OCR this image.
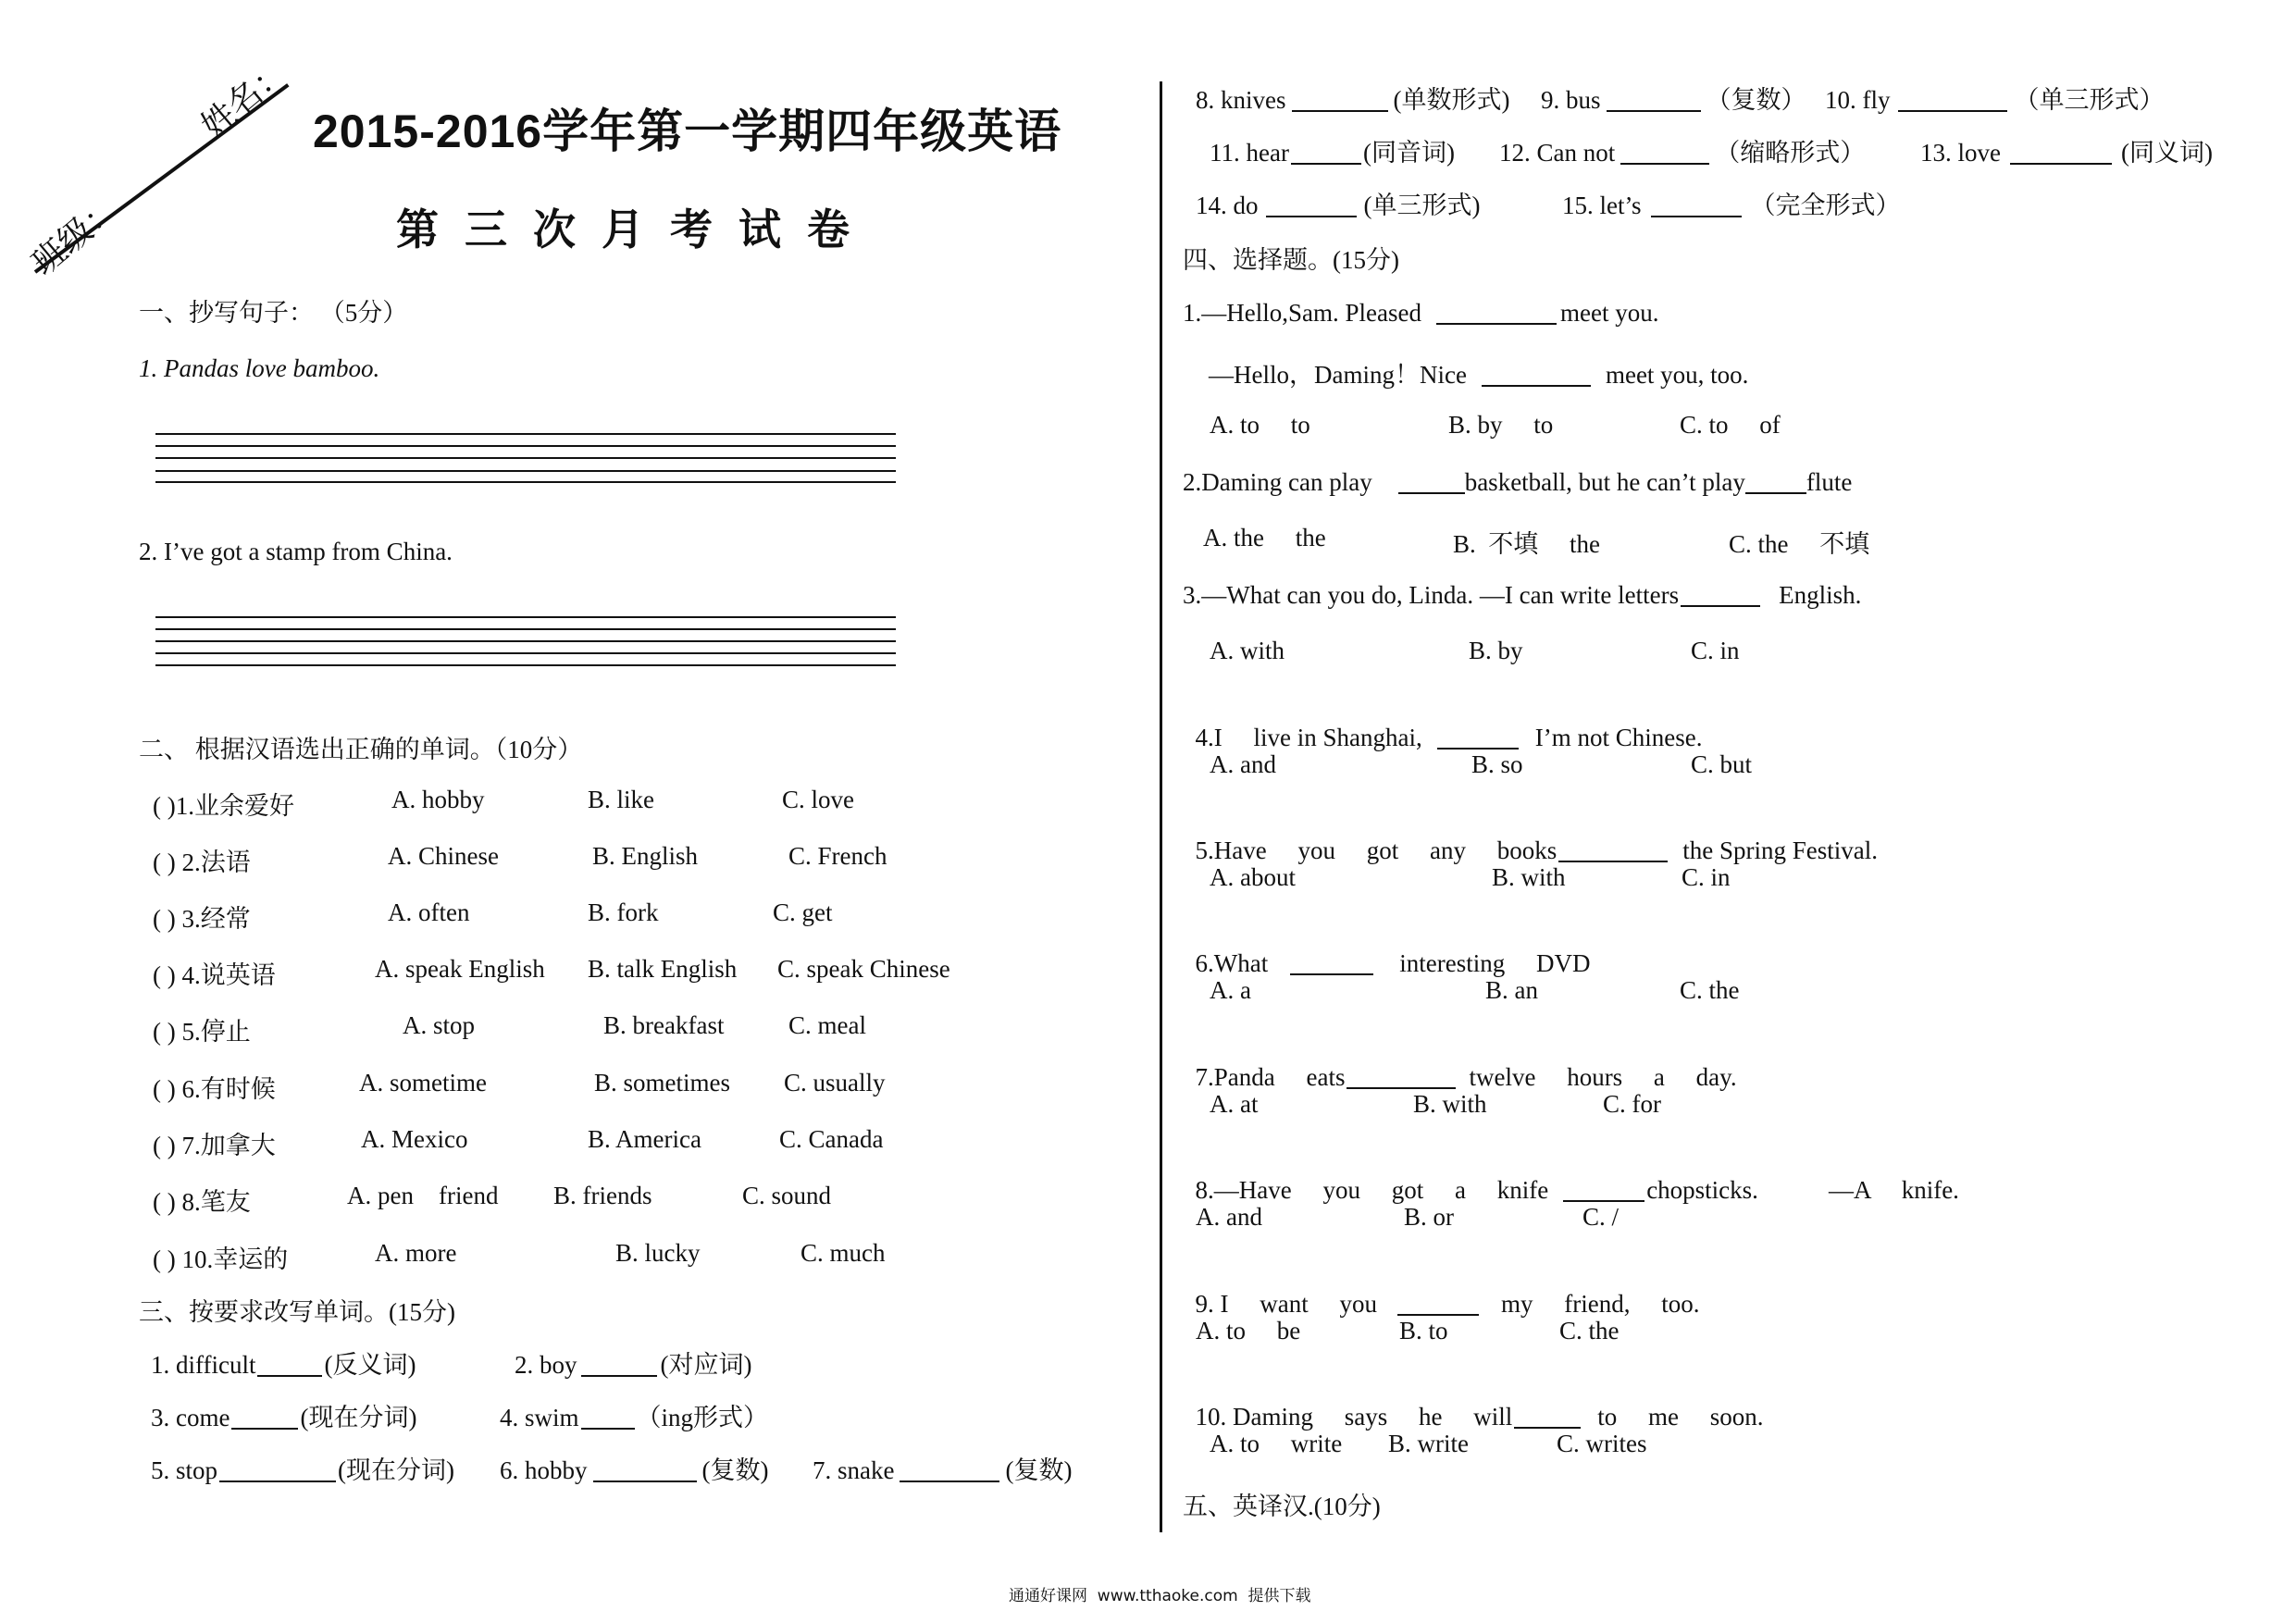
班级：
姓名： 2015-2016学年第一学期四年级英语
第三次月考试卷
一、抄写句子： （5分）
1. Pandas love bamboo.
2. I’ve got a stamp from China.
二、 根据汉语选出正确的单词。（10分）
( )1.业余爱好	A. hobby	B. like	C. love
( ) 2.法语	A. Chinese	B. English	C. French
( ) 3.经常	A. often	B. fork	C. get
( ) 4.说英语	A. speak English B. talk English C. speak Chinese
( ) 5.停止	A. stop	B. breakfast	C. meal
( ) 6.有时候	A. sometime	B. sometimes C. usually
( ) 7.加拿大	A. Mexico	B. America	C. Canada
( ) 8.笔友	A. pen    friend B. friends	C. sound
( ) 10.幸运的	A. more	B. lucky	C. much
三、按要求改写单词。(15分)
1. difficult	(反义词)	2. boy	(对应词)
3. come	(现在分词)	4. swim （ing形式）
5. stop	(现在分词) 6. hobby	(复数) 7. snake	(复数)
8. knives	(单数形式) 9. bus	（复数） 10. fly	（单三形式）
11. hear	(同音词) 12. Can not	（缩略形式） 13. love	(同义词)
14. do	(单三形式)	15. let’s	（完全形式）
四、选择题。(15分)
1.—Hello,Sam. Pleased	meet you.
—Hello，Daming！Nice	meet you, too.
A. to     to	B. by     to	C. to     of
2.Daming can play	basketball, but he can’t play flute
A. the     the	B.  不填     the	C. the     不填
3.—What can you do, Linda. —I can write letters	English.
A. with	B. by	C. in

4.I     live in Shanghai,	I’m not Chinese.

A. and	B. so	C. but

5.Have     you     got     any     books	the Spring Festival.

A. about	B. with	C. in

6.What	interesting     DVD

A. a	B. an	C. the

7.Panda     eats	twelve     hours     a     day.

A. at	B. with	C. for

8.—Have     you     got     a     knife	chopsticks.	—A     knife.

A. and	B. or	C. /

9. I     want     you	my     friend,     too.

A. to     be	B. to	C. the

10. Daming     says     he     will	to     me     soon.

A. to     write B. write	C. writes
五、英译汉.(10分)
通通好课网  www.tthaoke.com  提供下载
